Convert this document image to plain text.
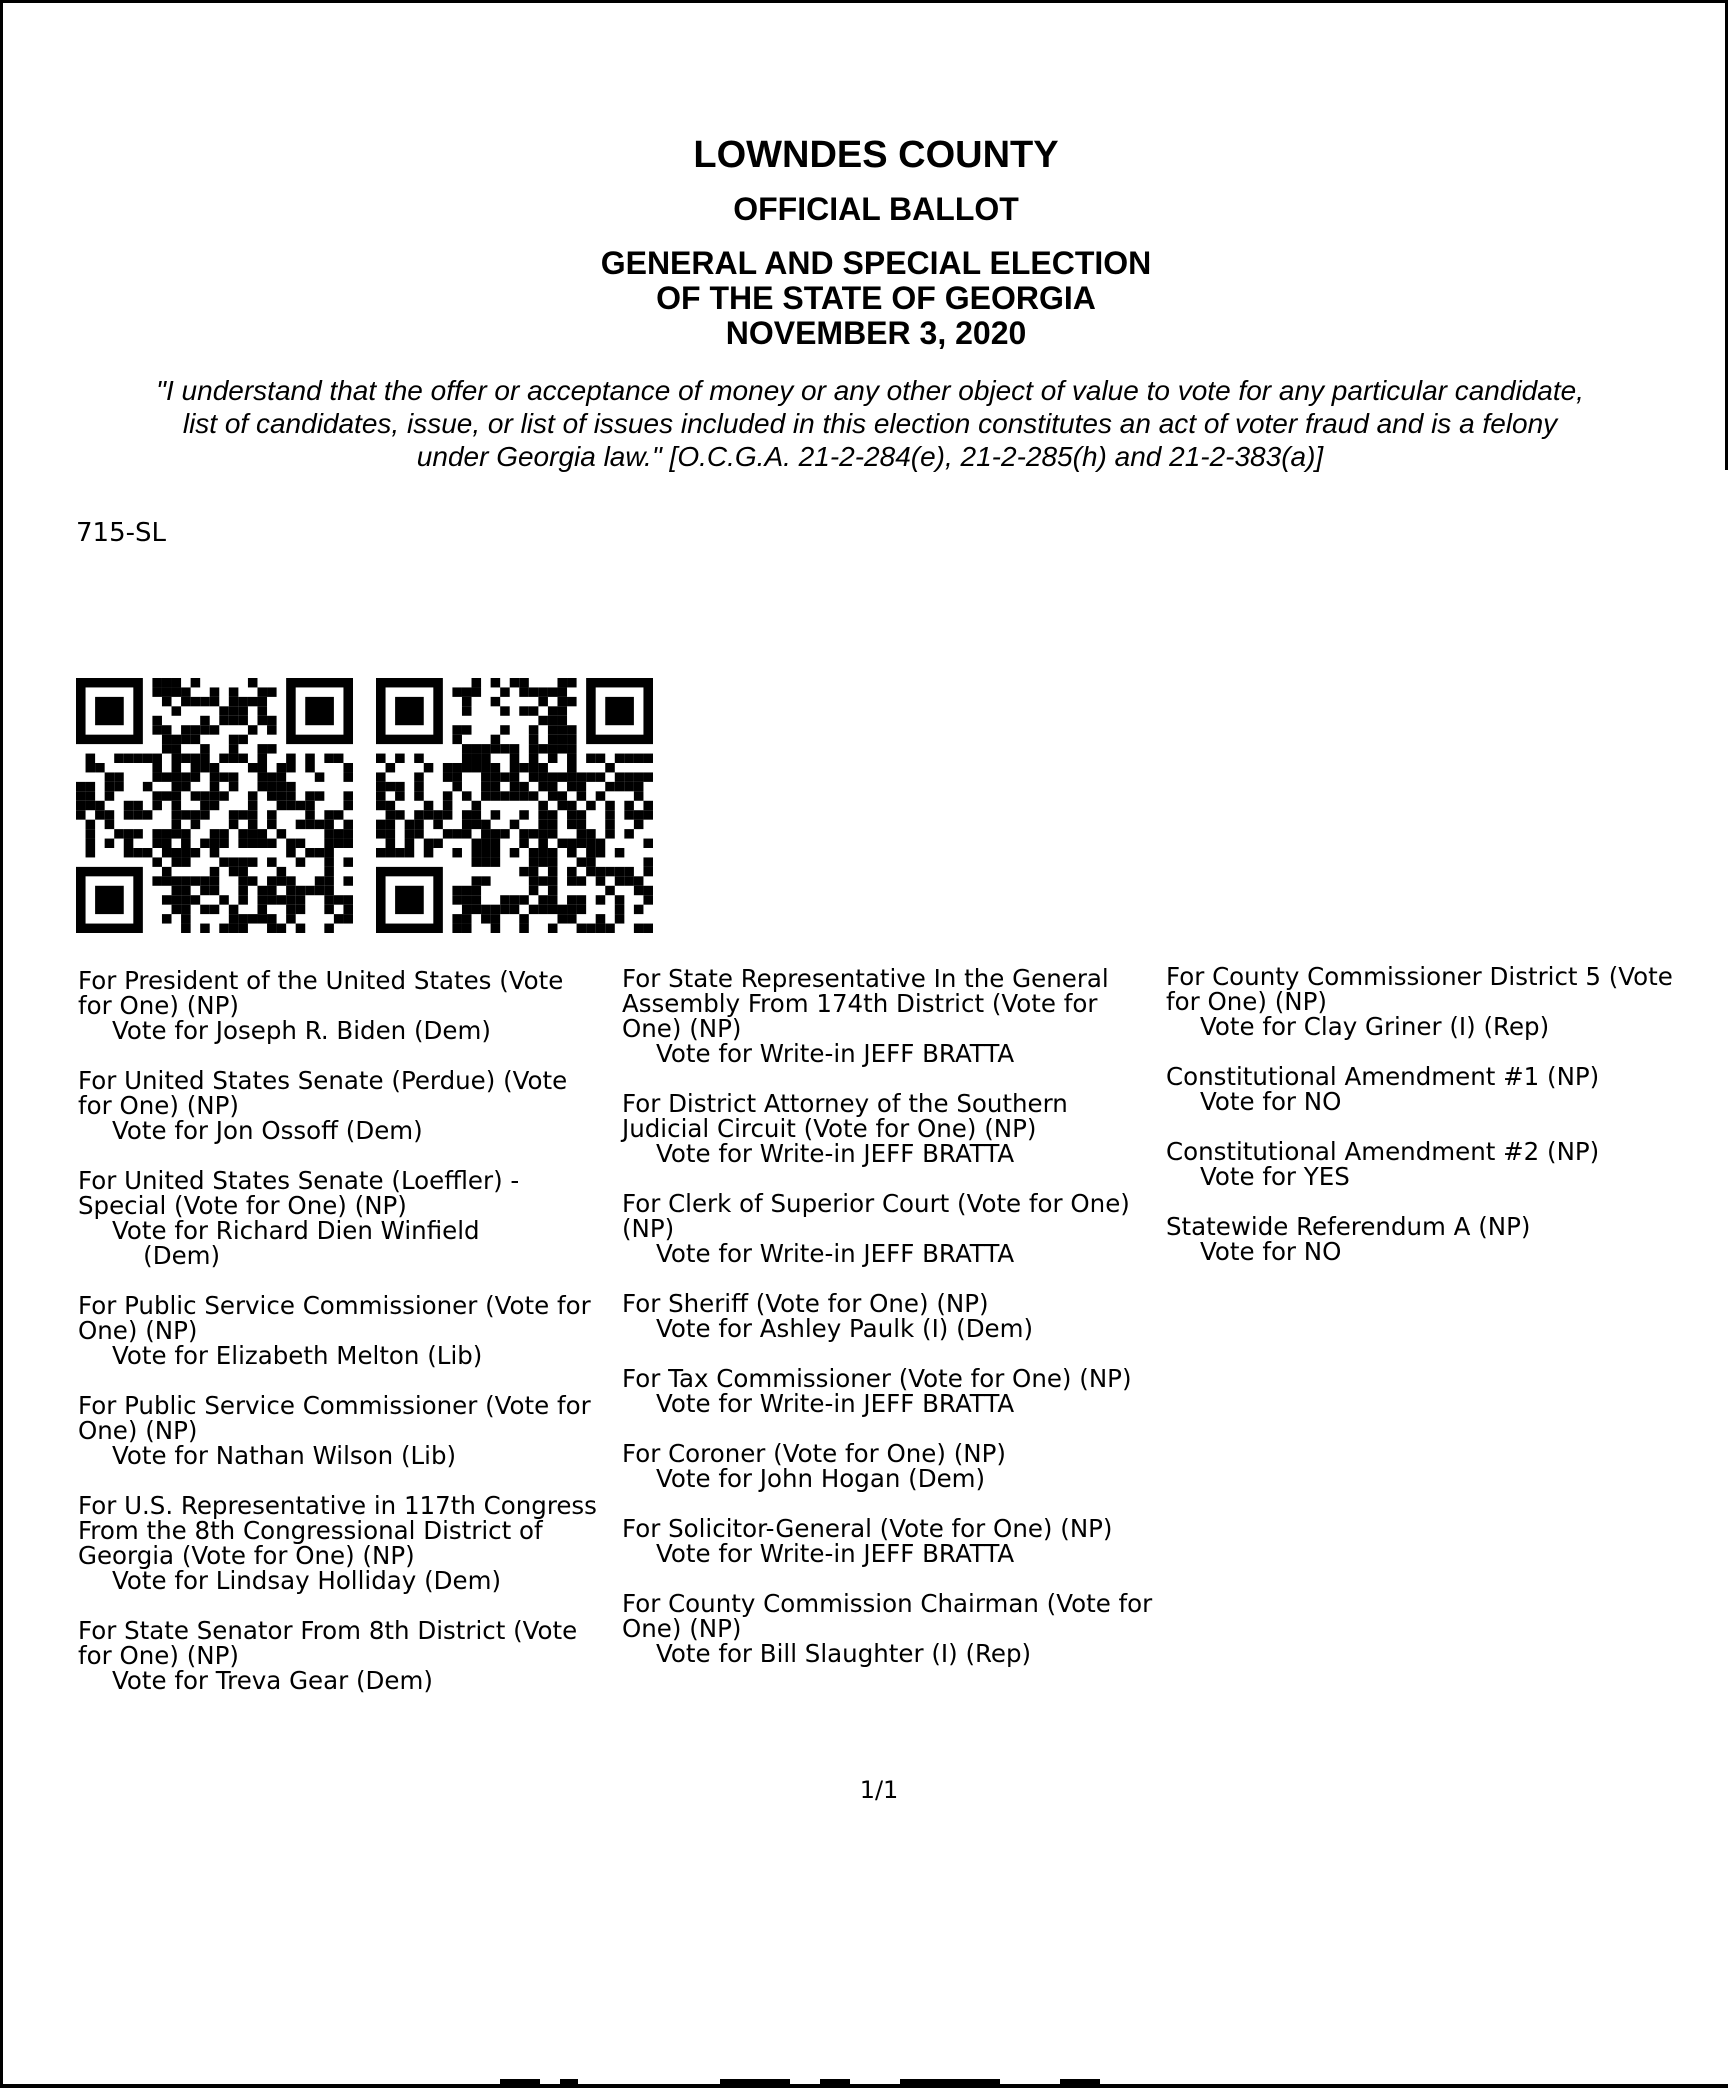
LOWNDES COUNTY
OFFICIAL BALLOT
GENERAL AND SPECIAL ELECTION
OF THE STATE OF GEORGIA
NOVEMBER 3, 2020
"I understand that the offer or acceptance of money or any other object of value to vote for any particular candidate,
list of candidates, issue, or list of issues included in this election constitutes an act of voter fraud and is a felony
under Georgia law." [O.C.G.A. 21-2-284(e), 21-2-285(h) and 21-2-383(a)]
715-SL
For President of the United States (Vote for One) (NP)
Vote for Joseph R. Biden (Dem)
For United States Senate (Perdue) (Vote for One) (NP)
Vote for Jon Ossoff (Dem)
For United States Senate (Loeffler) - Special (Vote for One) (NP)
Vote for Richard Dien Winfield
(Dem)
For Public Service Commissioner (Vote for One) (NP)
Vote for Elizabeth Melton (Lib)
For Public Service Commissioner (Vote for One) (NP)
Vote for Nathan Wilson (Lib)
For U.S. Representative in 117th Congress From the 8th Congressional District of Georgia (Vote for One) (NP)
Vote for Lindsay Holliday (Dem)
For State Senator From 8th District (Vote for One) (NP)
Vote for Treva Gear (Dem)
For State Representative In the General Assembly From 174th District (Vote for One) (NP)
Vote for Write-in JEFF BRATTA
For District Attorney of the Southern Judicial Circuit (Vote for One) (NP)
Vote for Write-in JEFF BRATTA
For Clerk of Superior Court (Vote for One) (NP)
Vote for Write-in JEFF BRATTA
For Sheriff (Vote for One) (NP)
Vote for Ashley Paulk (I) (Dem)
For Tax Commissioner (Vote for One) (NP)
Vote for Write-in JEFF BRATTA
For Coroner (Vote for One) (NP)
Vote for John Hogan (Dem)
For Solicitor-General (Vote for One) (NP)
Vote for Write-in JEFF BRATTA
For County Commission Chairman (Vote for One) (NP)
Vote for Bill Slaughter (I) (Rep)
For County Commissioner District 5 (Vote
for One) (NP)
Vote for Clay Griner (I) (Rep)
Constitutional Amendment #1 (NP)
Vote for NO
Constitutional Amendment #2 (NP)
Vote for YES
Statewide Referendum A (NP)
Vote for NO
1/1
